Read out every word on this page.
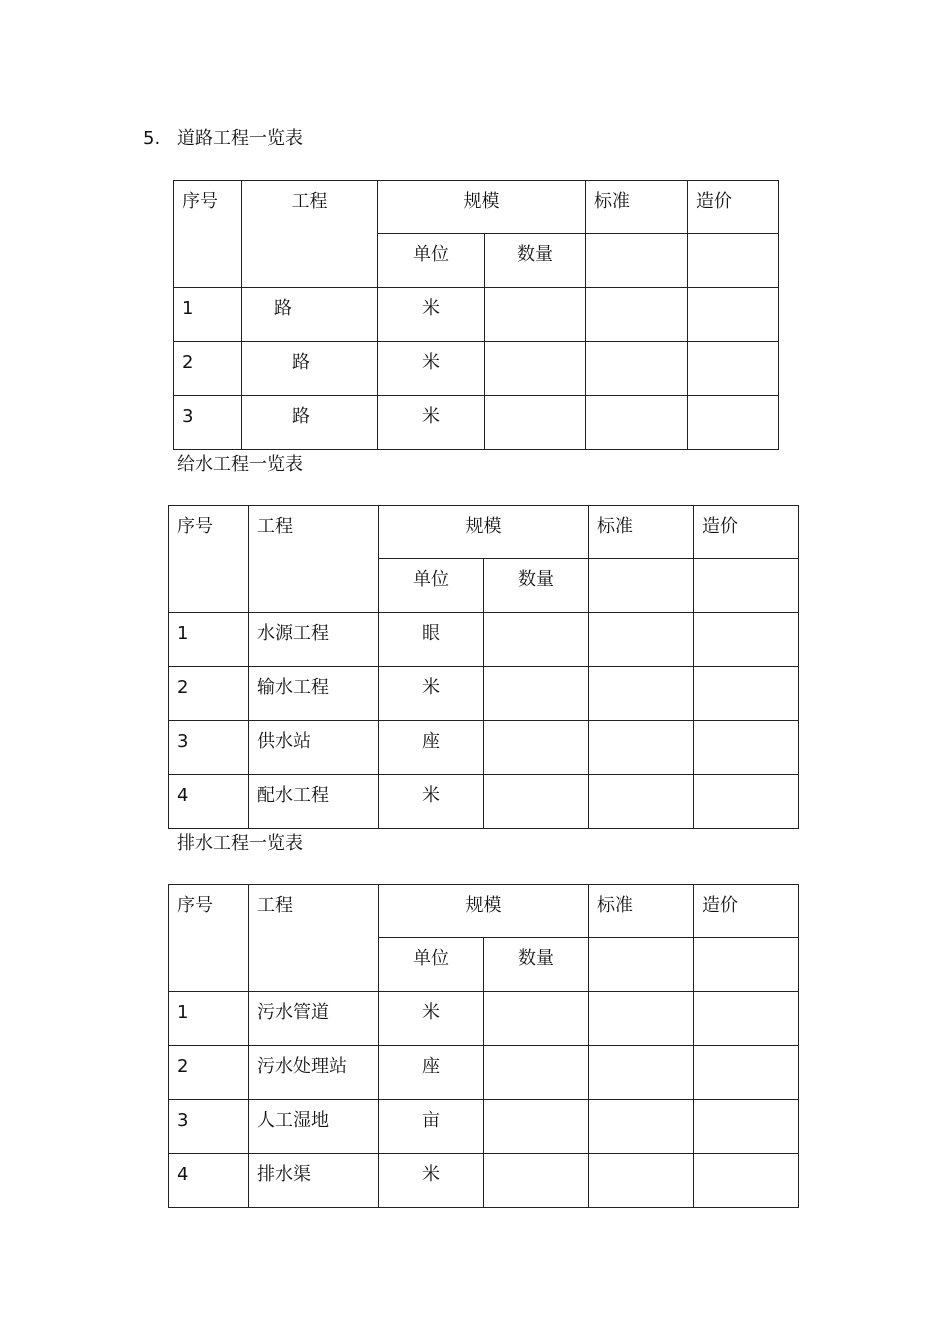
5. 道路工程一览表
序号	工程	规模		标准	造价
		单位	数量		
1	路	米			
2	路	米			
3	路	米			
给水工程一览表
序号	工程	规模		标准	造价
		单位	数量		
1	水源工程	眼			
2	输水工程	米			
3	供水站	座			
4	配水工程	米			
排水工程一览表
序号	工程	规模		标准	造价
		单位	数量		
1	污水管道	米			
2	污水处理站	座			
3	人工湿地	亩			
4	排水渠	米			
